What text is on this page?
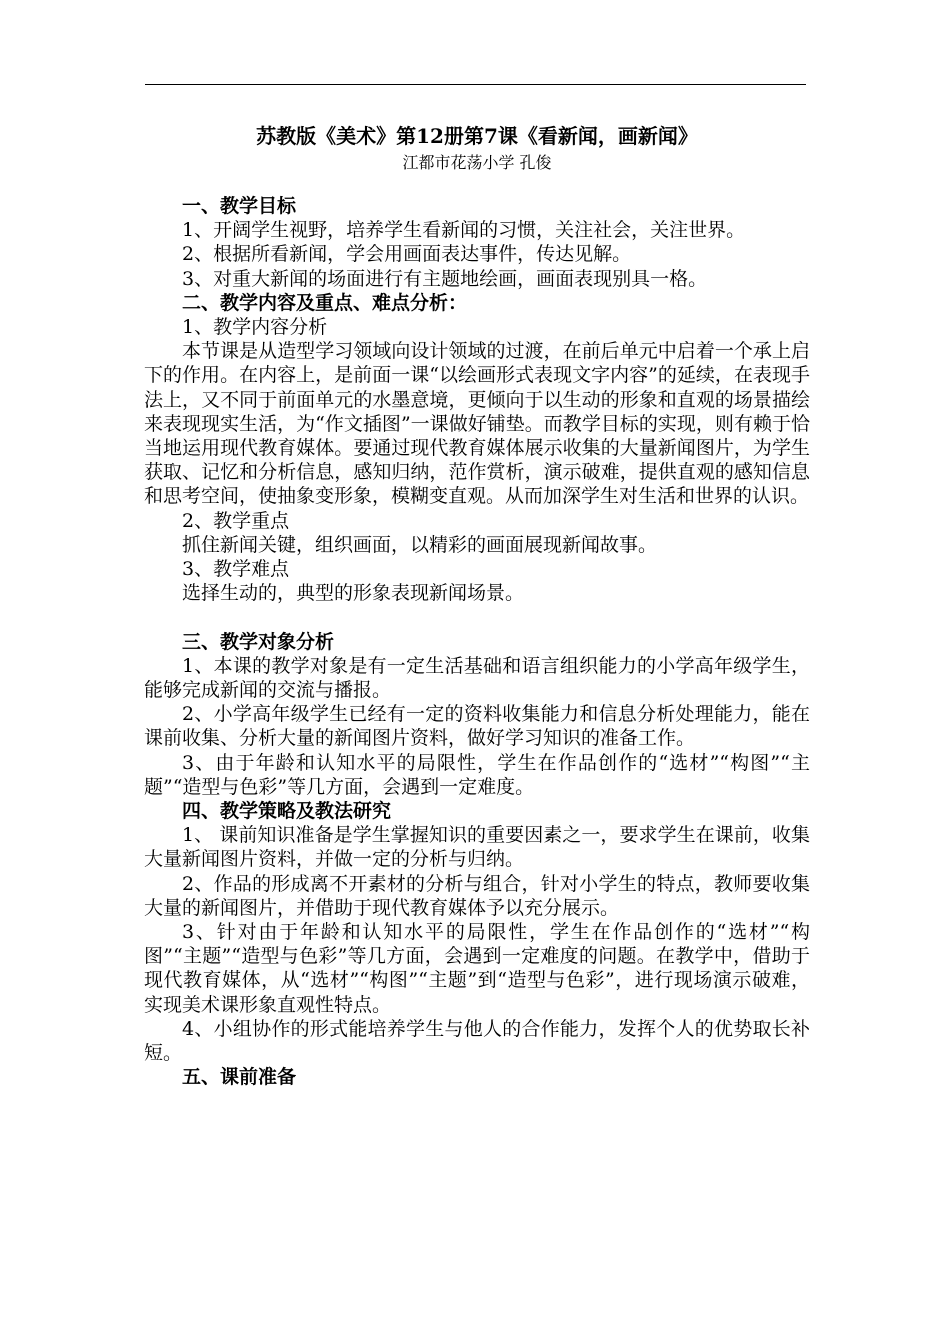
苏教版《美术》第12册第7课《看新闻，画新闻》

江都市花荡小学 孔俊

一、教学目标

1、开阔学生视野，培养学生看新闻的习惯，关注社会，关注世界。

2、根据所看新闻，学会用画面表达事件，传达见解。

3、对重大新闻的场面进行有主题地绘画，画面表现别具一格。

二、教学内容及重点、难点分析：

1、教学内容分析

本节课是从造型学习领域向设计领域的过渡，在前后单元中启着一个承上启下的作用。在内容上，是前面一课“以绘画形式表现文字内容”的延续，在表现手法上，又不同于前面单元的水墨意境，更倾向于以生动的形象和直观的场景描绘来表现现实生活，为“作文插图”一课做好铺垫。而教学目标的实现，则有赖于恰当地运用现代教育媒体。要通过现代教育媒体展示收集的大量新闻图片，为学生获取、记忆和分析信息，感知归纳，范作赏析，演示破难，提供直观的感知信息和思考空间，使抽象变形象，模糊变直观。从而加深学生对生活和世界的认识。

2、教学重点

抓住新闻关键，组织画面，以精彩的画面展现新闻故事。

3、教学难点

选择生动的，典型的形象表现新闻场景。

三、教学对象分析

1、本课的教学对象是有一定生活基础和语言组织能力的小学高年级学生，能够完成新闻的交流与播报。

2、小学高年级学生已经有一定的资料收集能力和信息分析处理能力，能在课前收集、分析大量的新闻图片资料，做好学习知识的准备工作。

3、由于年龄和认知水平的局限性，学生在作品创作的“选材”“构图”“主题”“造型与色彩”等几方面，会遇到一定难度。

四、教学策略及教法研究

1、 课前知识准备是学生掌握知识的重要因素之一，要求学生在课前，收集大量新闻图片资料，并做一定的分析与归纳。

2、作品的形成离不开素材的分析与组合，针对小学生的特点，教师要收集大量的新闻图片，并借助于现代教育媒体予以充分展示。

3、针对由于年龄和认知水平的局限性，学生在作品创作的“选材”“构图”“主题”“造型与色彩”等几方面，会遇到一定难度的问题。在教学中，借助于现代教育媒体，从“选材”“构图”“主题”到“造型与色彩”，进行现场演示破难，实现美术课形象直观性特点。

4、小组协作的形式能培养学生与他人的合作能力，发挥个人的优势取长补短。

五、课前准备
